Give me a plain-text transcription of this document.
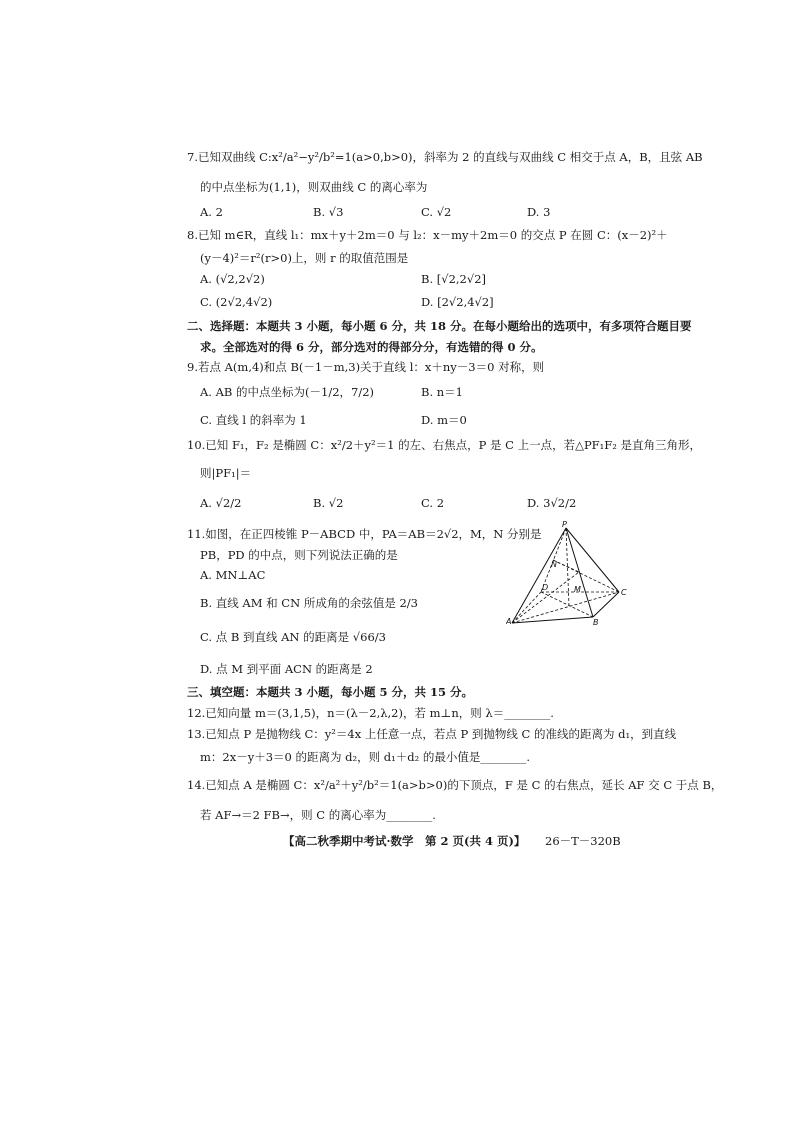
7.已知双曲线 C:x²/a²−y²/b²=1(a>0,b>0)，斜率为 2 的直线与双曲线 C 相交于点 A，B，且弦 AB
的中点坐标为(1,1)，则双曲线 C 的离心率为
A. 2	B. √3	C. √2	D. 3
8.已知 m∈R，直线 l₁：mx＋y＋2m＝0 与 l₂：x－my＋2m＝0 的交点 P 在圆 C：(x－2)²＋
(y－4)²＝r²(r>0)上，则 r 的取值范围是
A. (√2,2√2)	B. [√2,2√2]
C. (2√2,4√2)	D. [2√2,4√2]
二、选择题：本题共 3 小题，每小题 6 分，共 18 分。在每小题给出的选项中，有多项符合题目要
求。全部选对的得 6 分，部分选对的得部分分，有选错的得 0 分。
9.若点 A(m,4)和点 B(－1－m,3)关于直线 l：x＋ny－3＝0 对称，则
A. AB 的中点坐标为(－1/2，7/2)	B. n＝1
C. 直线 l 的斜率为 1	D. m＝0
10.已知 F₁，F₂ 是椭圆 C：x²/2＋y²＝1 的左、右焦点，P 是 C 上一点，若△PF₁F₂ 是直角三角形，
则|PF₁|＝
A. √2/2	B. √2	C. 2	D. 3√2/2
11.如图，在正四棱锥 P－ABCD 中，PA＝AB＝2√2，M，N 分别是
PB，PD 的中点，则下列说法正确的是
A. MN⊥AC
B. 直线 AM 和 CN 所成角的余弦值是 2/3
C. 点 B 到直线 AN 的距离是 √66/3
D. 点 M 到平面 ACN 的距离是 2
P
A	B
C
D	M
N
三、填空题：本题共 3 小题，每小题 5 分，共 15 分。
12.已知向量 m＝(3,1,5)，n＝(λ－2,λ,2)，若 m⊥n，则 λ＝________.
13.已知点 P 是抛物线 C：y²＝4x 上任意一点，若点 P 到抛物线 C 的准线的距离为 d₁，到直线
m：2x－y＋3＝0 的距离为 d₂，则 d₁＋d₂ 的最小值是________.
14.已知点 A 是椭圆 C：x²/a²＋y²/b²＝1(a>b>0)的下顶点，F 是 C 的右焦点，延长 AF 交 C 于点 B，
若 AF→＝2 FB→，则 C 的离心率为________.
【高二秋季期中考试·数学　第 2 页(共 4 页)】 26－T－320B
